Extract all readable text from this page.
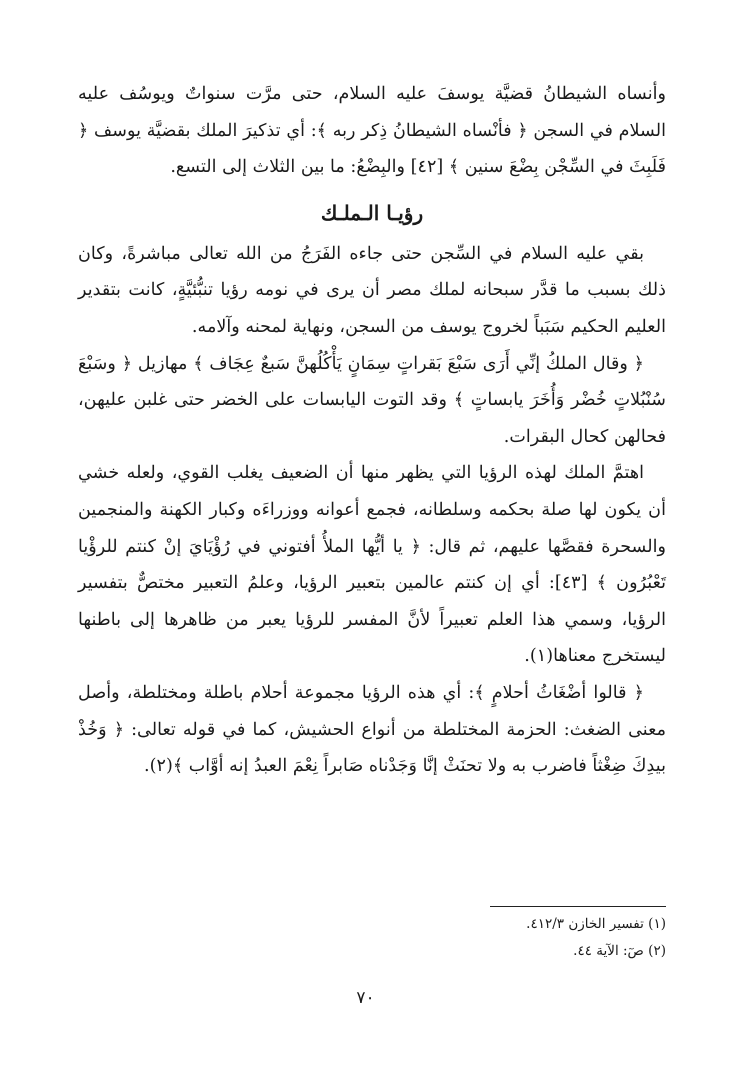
وأنساه الشيطانُ قضيَّة يوسفَ عليه السلام، حتى مرَّت سنواتٌ ويوسُف عليه السلام في السجن ﴿ فأنْساه الشيطانُ ذِكر ربه ﴾: أي تذكيرَ الملك بقضيَّة يوسف ﴿ فَلَبِثَ في السِّجْن بِضْعَ سنين ﴾ [٤٢] والبِضْعُ: ما بين الثلاث إلى التسع.

رؤيـا الـملـك

بقي عليه السلام في السِّجن حتى جاءه الفَرَجُ من الله تعالى مباشرةً، وكان ذلك بسبب ما قدَّر سبحانه لملك مصر أن يرى في نومه رؤيا تنبُّئيَّةٍ، كانت بتقدير العليم الحكيم سَبَباً لخروج يوسف من السجن، ونهاية لمحنه وآلامه.

﴿ وقال الملكُ إنِّي أَرَى سَبْعَ بَقراتٍ سِمَانٍ يَأْكُلُهنَّ سَبعٌ عِجَاف ﴾ مهازيل ﴿ وسَبْعَ سُنْبُلاتٍ خُضْر وَأُخَرَ يابساتٍ ﴾ وقد التوت اليابسات على الخضر حتى غلبن عليهن، فحالهن كحال البقرات.

اهتمَّ الملك لهذه الرؤيا التي يظهر منها أن الضعيف يغلب القوي، ولعله خشي أن يكون لها صلة بحكمه وسلطانه، فجمع أعوانه ووزراءَه وكبار الكهنة والمنجمين والسحرة فقصَّها عليهم، ثم قال: ﴿ يا أيُّها الملأُ أفتوني في رُؤْيَايَ إنْ كنتم للرؤْيا تَعْبُرُون ﴾ [٤٣]: أي إن كنتم عالمين بتعبير الرؤيا، وعلمُ التعبير مختصٌّ بتفسير الرؤيا، وسمي هذا العلم تعبيراً لأنَّ المفسر للرؤيا يعبر من ظاهرها إلى باطنها ليستخرج معناها(١).

﴿ قالوا أضْغَاثُ أحلامٍ ﴾: أي هذه الرؤيا مجموعة أحلام باطلة ومختلطة، وأصل معنى الضغث: الحزمة المختلطة من أنواع الحشيش، كما في قوله تعالى: ﴿ وَخُذْ بيدِكَ ضِغْثاً فاضرب به ولا تحنَثْ إنَّا وَجَدْناه صَابراً نِعْمَ العبدُ إنه أوَّاب ﴾(٢).

(١) تفسير الخازن ٤١٢/٣.

(٢) صٓ: الآية ٤٤.

٧٠
